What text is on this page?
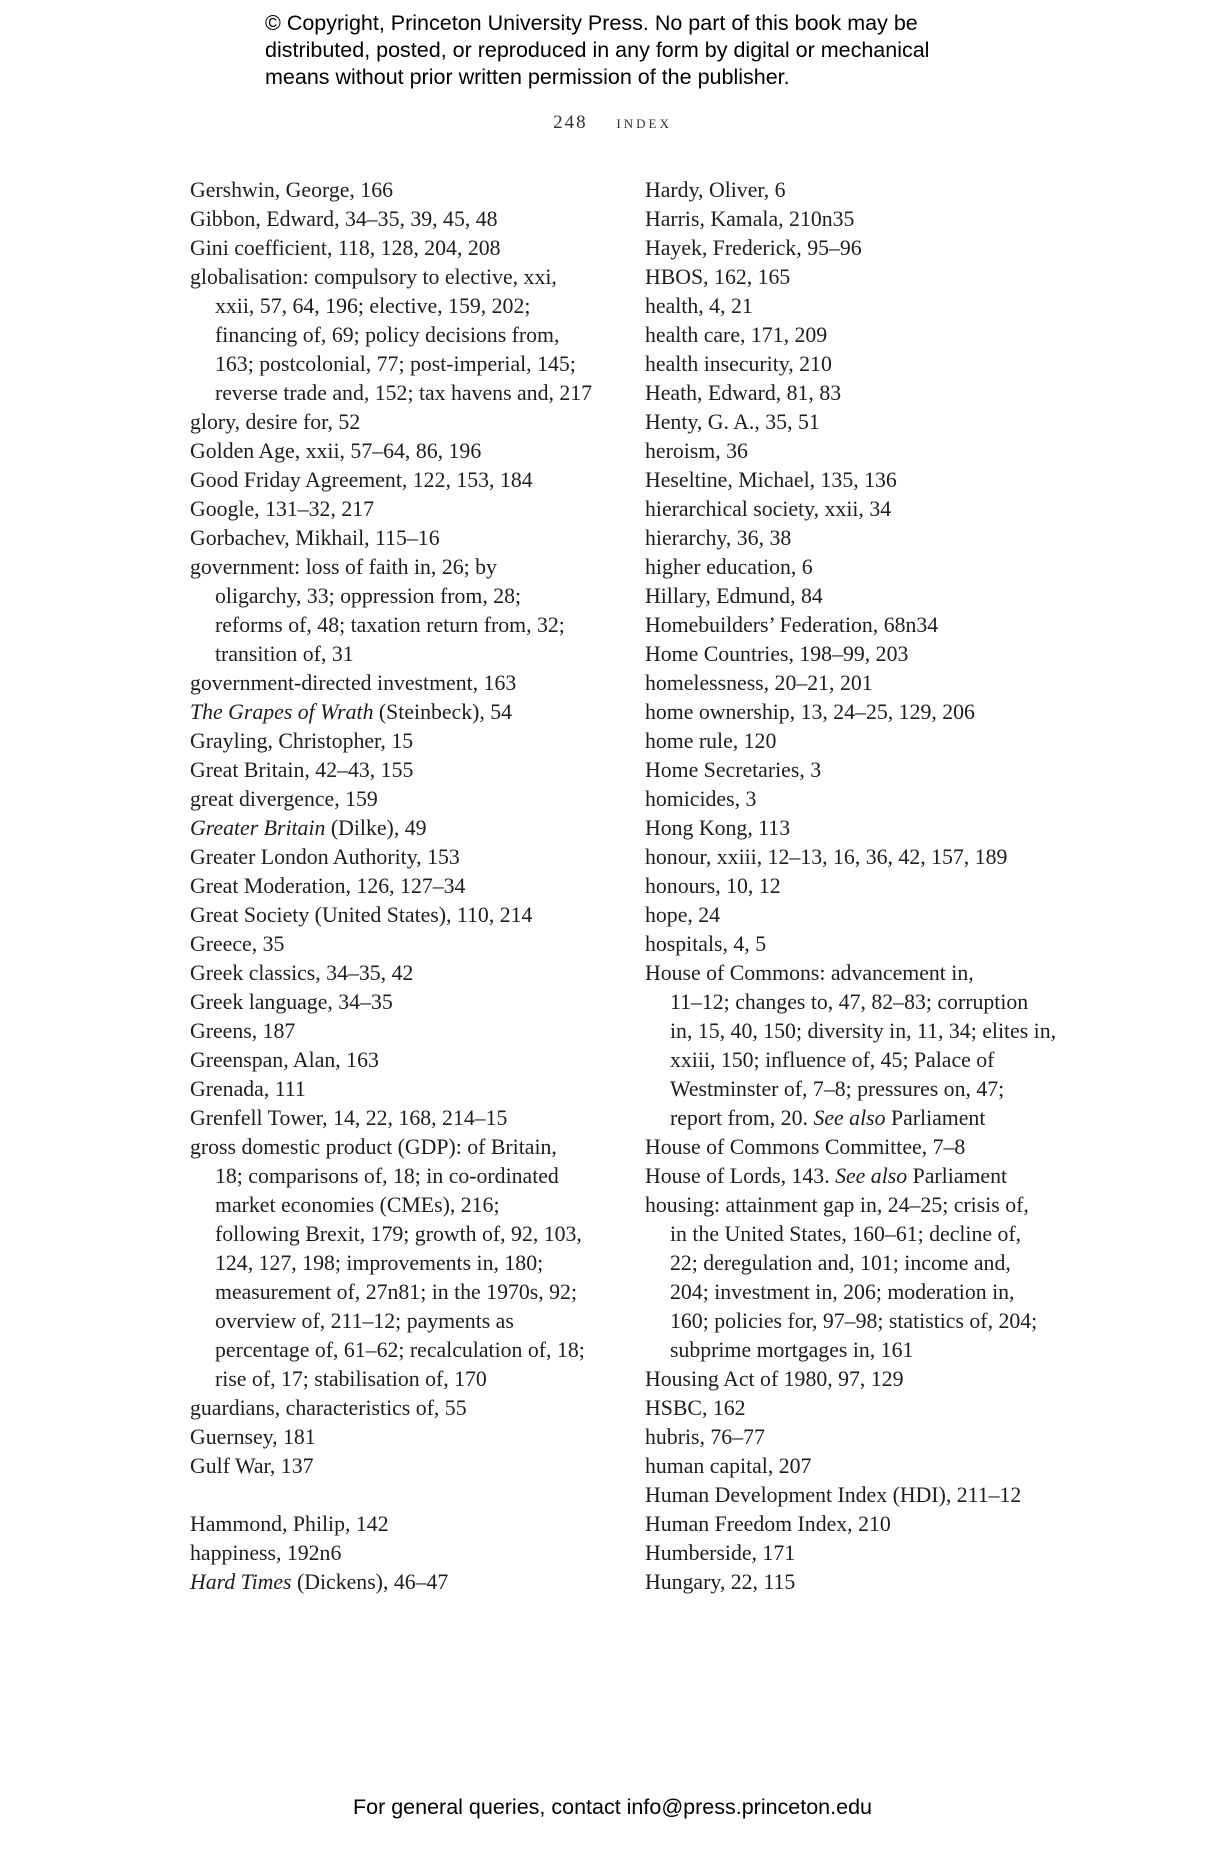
© Copyright, Princeton University Press. No part of this book may be
distributed, posted, or reproduced in any form by digital or mechanical
means without prior written permission of the publisher.
248 index
Gershwin, George, 166
Gibbon, Edward, 34–35, 39, 45, 48
Gini coefficient, 118, 128, 204, 208
globalisation: compulsory to elective, xxi,
xxii, 57, 64, 196; elective, 159, 202;
financing of, 69; policy decisions from,
163; postcolonial, 77; post-imperial, 145;
reverse trade and, 152; tax havens and, 217
glory, desire for, 52
Golden Age, xxii, 57–64, 86, 196
Good Friday Agreement, 122, 153, 184
Google, 131–32, 217
Gorbachev, Mikhail, 115–16
government: loss of faith in, 26; by
oligarchy, 33; oppression from, 28;
reforms of, 48; taxation return from, 32;
transition of, 31
government-directed investment, 163
The Grapes of Wrath (Steinbeck), 54
Grayling, Christopher, 15
Great Britain, 42–43, 155
great divergence, 159
Greater Britain (Dilke), 49
Greater London Authority, 153
Great Moderation, 126, 127–34
Great Society (United States), 110, 214
Greece, 35
Greek classics, 34–35, 42
Greek language, 34–35
Greens, 187
Greenspan, Alan, 163
Grenada, 111
Grenfell Tower, 14, 22, 168, 214–15
gross domestic product (GDP): of Britain,
18; comparisons of, 18; in co-ordinated
market economies (CMEs), 216;
following Brexit, 179; growth of, 92, 103,
124, 127, 198; improvements in, 180;
measurement of, 27n81; in the 1970s, 92;
overview of, 211–12; payments as
percentage of, 61–62; recalculation of, 18;
rise of, 17; stabilisation of, 170
guardians, characteristics of, 55
Guernsey, 181
Gulf War, 137
Hammond, Philip, 142
happiness, 192n6
Hard Times (Dickens), 46–47
Hardy, Oliver, 6
Harris, Kamala, 210n35
Hayek, Frederick, 95–96
HBOS, 162, 165
health, 4, 21
health care, 171, 209
health insecurity, 210
Heath, Edward, 81, 83
Henty, G. A., 35, 51
heroism, 36
Heseltine, Michael, 135, 136
hierarchical society, xxii, 34
hierarchy, 36, 38
higher education, 6
Hillary, Edmund, 84
Homebuilders’ Federation, 68n34
Home Countries, 198–99, 203
homelessness, 20–21, 201
home ownership, 13, 24–25, 129, 206
home rule, 120
Home Secretaries, 3
homicides, 3
Hong Kong, 113
honour, xxiii, 12–13, 16, 36, 42, 157, 189
honours, 10, 12
hope, 24
hospitals, 4, 5
House of Commons: advancement in,
11–12; changes to, 47, 82–83; corruption
in, 15, 40, 150; diversity in, 11, 34; elites in,
xxiii, 150; influence of, 45; Palace of
Westminster of, 7–8; pressures on, 47;
report from, 20. See also Parliament
House of Commons Committee, 7–8
House of Lords, 143. See also Parliament
housing: attainment gap in, 24–25; crisis of,
in the United States, 160–61; decline of,
22; deregulation and, 101; income and,
204; investment in, 206; moderation in,
160; policies for, 97–98; statistics of, 204;
subprime mortgages in, 161
Housing Act of 1980, 97, 129
HSBC, 162
hubris, 76–77
human capital, 207
Human Development Index (HDI), 211–12
Human Freedom Index, 210
Humberside, 171
Hungary, 22, 115
For general queries, contact info@press.princeton.edu
